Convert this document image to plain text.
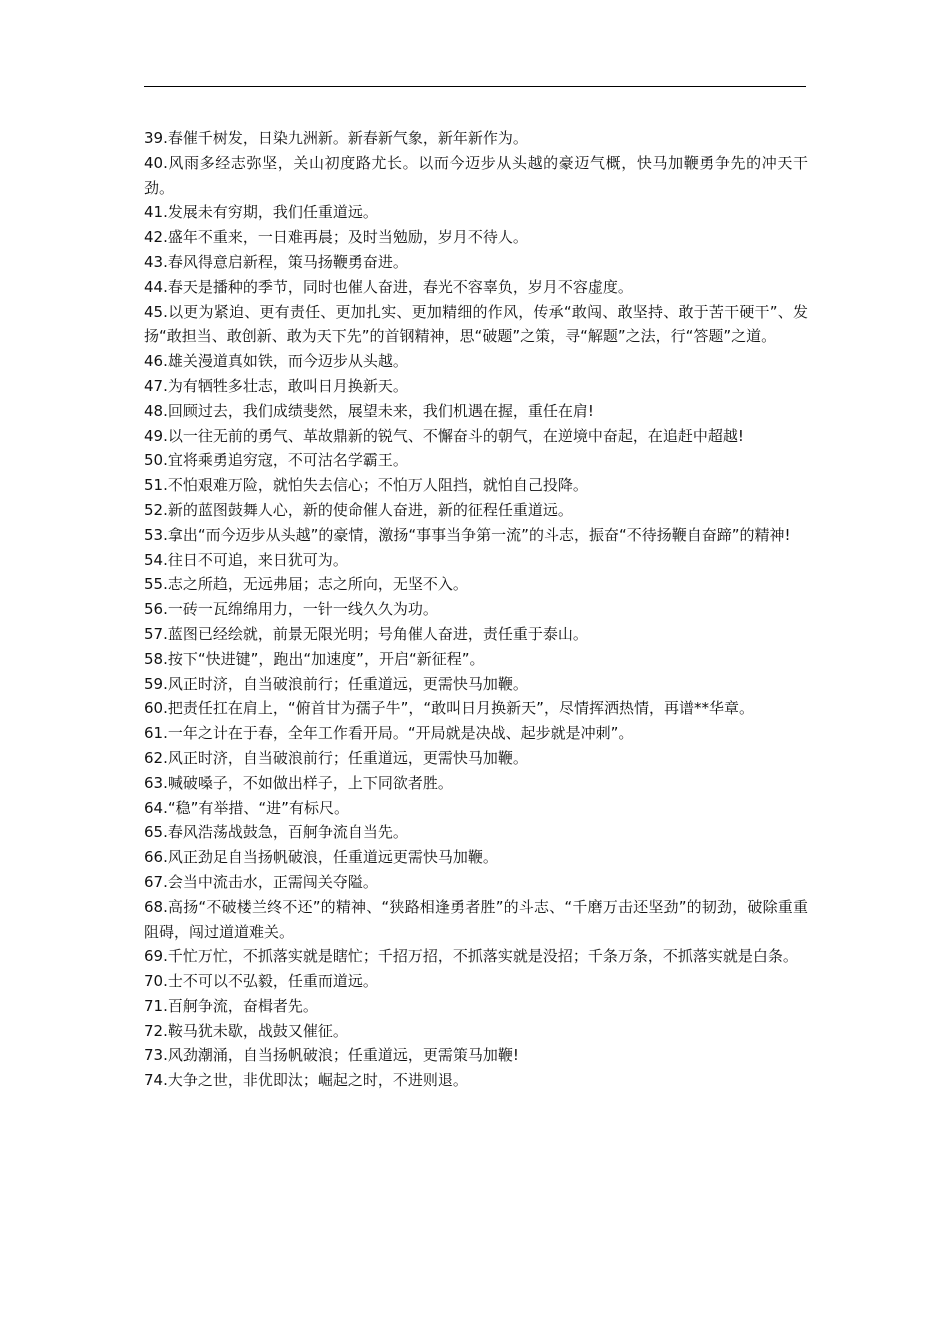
39.春催千树发，日染九洲新。新春新气象，新年新作为。

40.风雨多经志弥坚，关山初度路尤长。以而今迈步从头越的豪迈气概，快马加鞭勇争先的冲天干劲。

41.发展未有穷期，我们任重道远。

42.盛年不重来，一日难再晨；及时当勉励，岁月不待人。

43.春风得意启新程，策马扬鞭勇奋进。

44.春天是播种的季节，同时也催人奋进，春光不容辜负，岁月不容虚度。

45.以更为紧迫、更有责任、更加扎实、更加精细的作风，传承“敢闯、敢坚持、敢于苦干硬干”、发扬“敢担当、敢创新、敢为天下先”的首钢精神，思“破题”之策，寻“解题”之法，行“答题”之道。

46.雄关漫道真如铁，而今迈步从头越。

47.为有牺牲多壮志，敢叫日月换新天。

48.回顾过去，我们成绩斐然，展望未来，我们机遇在握，重任在肩!

49.以一往无前的勇气、革故鼎新的锐气、不懈奋斗的朝气，在逆境中奋起，在追赶中超越!

50.宜将乘勇追穷寇，不可沽名学霸王。

51.不怕艰难万险，就怕失去信心；不怕万人阻挡，就怕自己投降。

52.新的蓝图鼓舞人心，新的使命催人奋进，新的征程任重道远。

53.拿出“而今迈步从头越”的豪情，激扬“事事当争第一流”的斗志，振奋“不待扬鞭自奋蹄”的精神!

54.往日不可追，来日犹可为。

55.志之所趋，无远弗届；志之所向，无坚不入。

56.一砖一瓦绵绵用力，一针一线久久为功。

57.蓝图已经绘就，前景无限光明；号角催人奋进，责任重于泰山。

58.按下“快进键”，跑出“加速度”，开启“新征程”。

59.风正时济，自当破浪前行；任重道远，更需快马加鞭。

60.把责任扛在肩上，“俯首甘为孺子牛”，“敢叫日月换新天”，尽情挥洒热情，再谱**华章。

61.一年之计在于春，全年工作看开局。“开局就是决战、起步就是冲刺”。

62.风正时济，自当破浪前行；任重道远，更需快马加鞭。

63.喊破嗓子，不如做出样子，上下同欲者胜。

64.“稳”有举措、“进”有标尺。

65.春风浩荡战鼓急，百舸争流自当先。

66.风正劲足自当扬帆破浪，任重道远更需快马加鞭。

67.会当中流击水，正需闯关夺隘。

68.高扬“不破楼兰终不还”的精神、“狭路相逢勇者胜”的斗志、“千磨万击还坚劲”的韧劲，破除重重阻碍，闯过道道难关。

69.千忙万忙，不抓落实就是瞎忙；千招万招，不抓落实就是没招；千条万条，不抓落实就是白条。

70.士不可以不弘毅，任重而道远。

71.百舸争流，奋楫者先。

72.鞍马犹未歇，战鼓又催征。

73.风劲潮涌，自当扬帆破浪；任重道远，更需策马加鞭!

74.大争之世，非优即汰；崛起之时，不进则退。
